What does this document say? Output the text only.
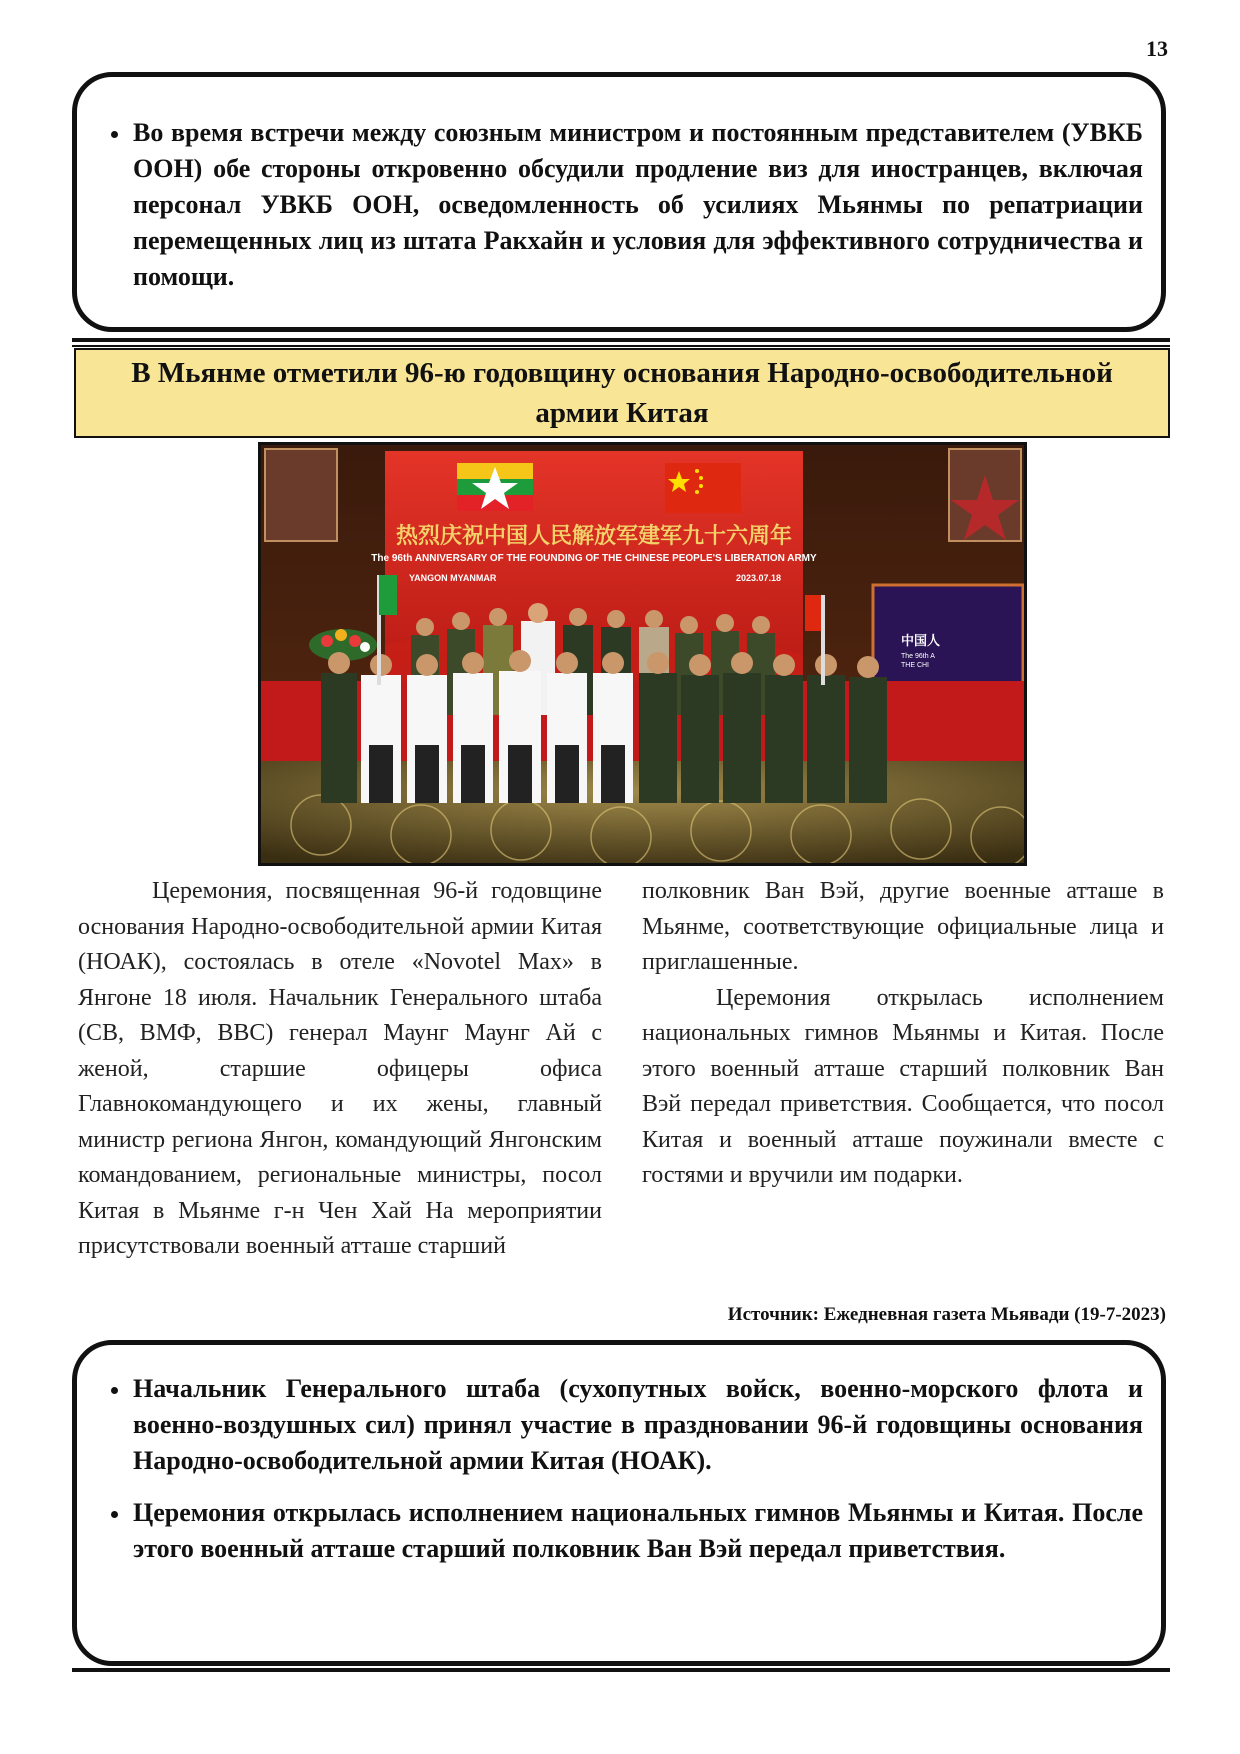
13
• Во время встречи между союзным министром и постоянным представителем (УВКБ ООН) обе стороны откровенно обсудили продление виз для иностранцев, включая персонал УВКБ ООН, осведомленность об усилиях Мьянмы по репатриации перемещенных лиц из штата Ракхайн и условия для эффективного сотрудничества и помощи.
В Мьянме отметили 96-ю годовщину основания Народно-освободительной армии Китая
热烈庆祝中国人民解放军建军九十六周年
The 96th ANNIVERSARY OF THE FOUNDING OF THE CHINESE PEOPLE'S LIBERATION ARMY
YANGON MYANMAR	2023.07.18
中国人
The 96th A
THE CHI

Церемония, посвященная 96-й годовщине основания Народно-освободительной армии Китая (НОАК), состоялась в отеле «Novotel Max» в Янгоне 18 июля. Начальник Генерального штаба (СВ, ВМФ, ВВС) генерал Маунг Маунг Ай с женой, старшие офицеры офиса Главнокомандующего и их жены, главный министр региона Янгон, командующий Янгонским командованием, региональные министры, посол Китая в Мьянме г-н Чен Хай На мероприятии присутствовали военный атташе старший

полковник Ван Вэй, другие военные атташе в Мьянме, соответствующие официальные лица и приглашенные.

Церемония открылась исполнением национальных гимнов Мьянмы и Китая. После этого военный атташе старший полковник Ван Вэй передал приветствия. Сообщается, что посол Китая и военный атташе поужинали вместе с гостями и вручили им подарки.

Источник: Ежедневная газета Мьявади (19-7-2023)
• Начальник Генерального штаба (сухопутных войск, военно-морского флота и военно-воздушных сил) принял участие в праздновании 96-й годовщины основания Народно-освободительной армии Китая (НОАК).
• Церемония открылась исполнением национальных гимнов Мьянмы и Китая. После этого военный атташе старший полковник Ван Вэй передал приветствия.
